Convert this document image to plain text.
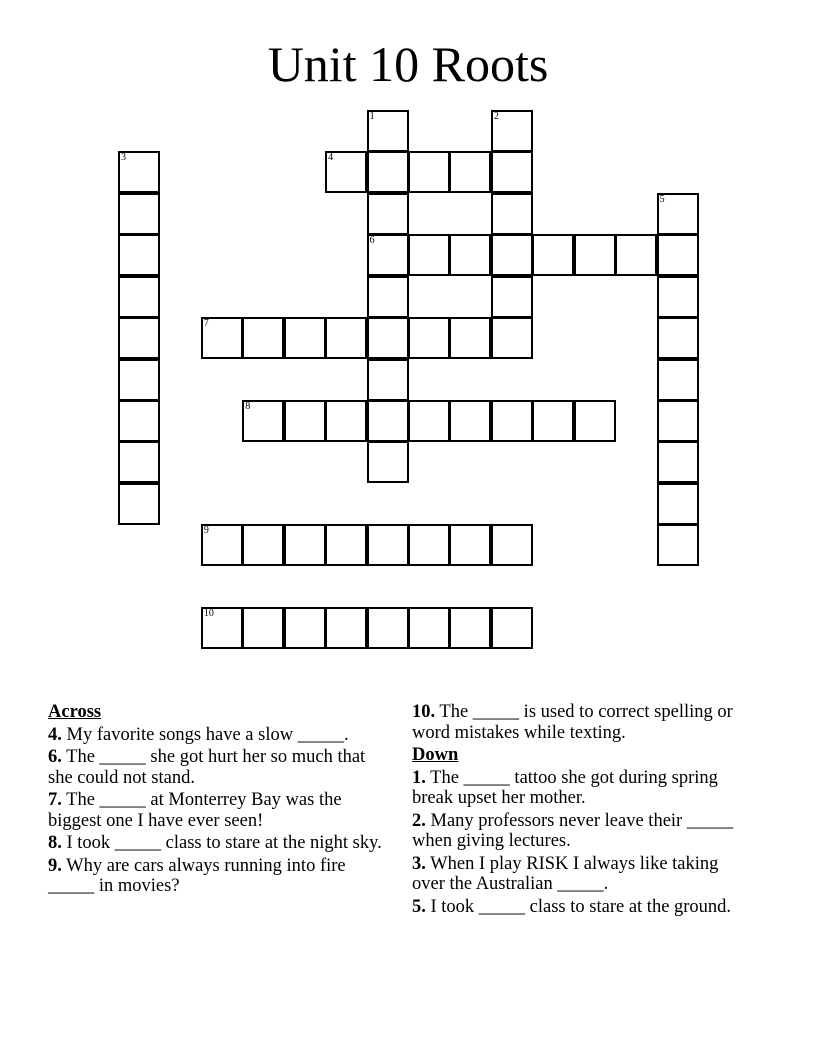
Unit 10 Roots
1
6
2
3	4
5
7
8
9
10
Across
4. My favorite songs have a slow _____.
6. The _____ she got hurt her so much that she could not stand.
7. The _____ at Monterrey Bay was the biggest one I have ever seen!
8. I took _____ class to stare at the night sky.
9. Why are cars always running into fire _____ in movies?
10. The _____ is used to correct spelling or word mistakes while texting.
Down
1. The _____ tattoo she got during spring break upset her mother.
2. Many professors never leave their _____ when giving lectures.
3. When I play RISK I always like taking over the Australian _____.
5. I took _____ class to stare at the ground.
